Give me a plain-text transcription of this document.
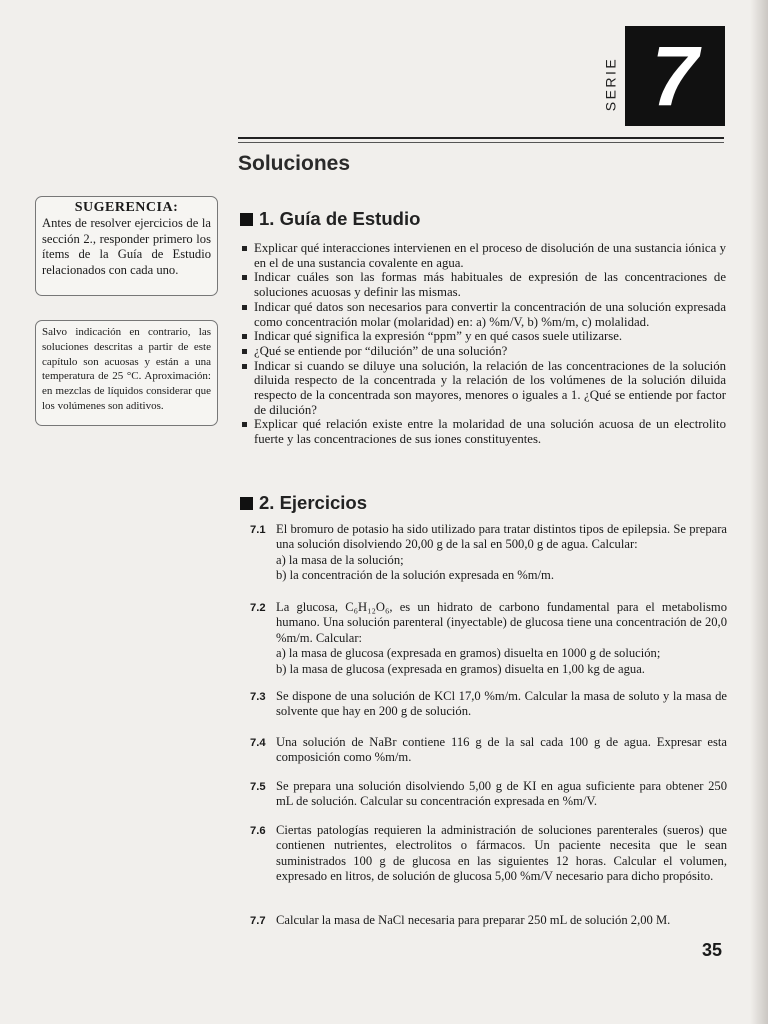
SERIE 7
Soluciones
SUGERENCIA:
Antes de resolver ejercicios de la sección 2., responder primero los ítems de la Guía de Estudio relacionados con cada uno.
Salvo indicación en contrario, las soluciones descritas a partir de este capítulo son acuosas y están a una temperatura de 25 °C. Aproximación: en mezclas de líquidos considerar que los volúmenes son aditivos.
1. Guía de Estudio
Explicar qué interacciones intervienen en el proceso de disolución de una sustancia iónica y en el de una sustancia covalente en agua.
Indicar cuáles son las formas más habituales de expresión de las concentraciones de soluciones acuosas y definir las mismas.
Indicar qué datos son necesarios para convertir la concentración de una solución expresada como concentración molar (molaridad) en: a) %m/V, b) %m/m, c) molalidad.
Indicar qué significa la expresión “ppm” y en qué casos suele utilizarse.
¿Qué se entiende por “dilución” de una solución?
Indicar si cuando se diluye una solución, la relación de las concentraciones de la solución diluida respecto de la concentrada y la relación de los volúmenes de la solución diluida respecto de la concentrada son mayores, menores o iguales a 1. ¿Qué se entiende por factor de dilución?
Explicar qué relación existe entre la molaridad de una solución acuosa de un electrolito fuerte y las concentraciones de sus iones constituyentes.
2. Ejercicios
7.1 El bromuro de potasio ha sido utilizado para tratar distintos tipos de epilepsia. Se prepara una solución disolviendo 20,00 g de la sal en 500,0 g de agua. Calcular:
a) la masa de la solución;
b) la concentración de la solución expresada en %m/m.
7.2 La glucosa, C₆H₁₂O₆, es un hidrato de carbono fundamental para el metabolismo humano. Una solución parenteral (inyectable) de glucosa tiene una concentración de 20,0 %m/m. Calcular:
a) la masa de glucosa (expresada en gramos) disuelta en 1000 g de solución;
b) la masa de glucosa (expresada en gramos) disuelta en 1,00 kg de agua.
7.3 Se dispone de una solución de KCl 17,0 %m/m. Calcular la masa de soluto y la masa de solvente que hay en 200 g de solución.
7.4 Una solución de NaBr contiene 116 g de la sal cada 100 g de agua. Expresar esta composición como %m/m.
7.5 Se prepara una solución disolviendo 5,00 g de KI en agua suficiente para obtener 250 mL de solución. Calcular su concentración expresada en %m/V.
7.6 Ciertas patologías requieren la administración de soluciones parenterales (sueros) que contienen nutrientes, electrolitos o fármacos. Un paciente necesita que le sean suministrados 100 g de glucosa en las siguientes 12 horas. Calcular el volumen, expresado en litros, de solución de glucosa 5,00 %m/V necesario para dicho propósito.
7.7 Calcular la masa de NaCl necesaria para preparar 250 mL de solución 2,00 M.
35
